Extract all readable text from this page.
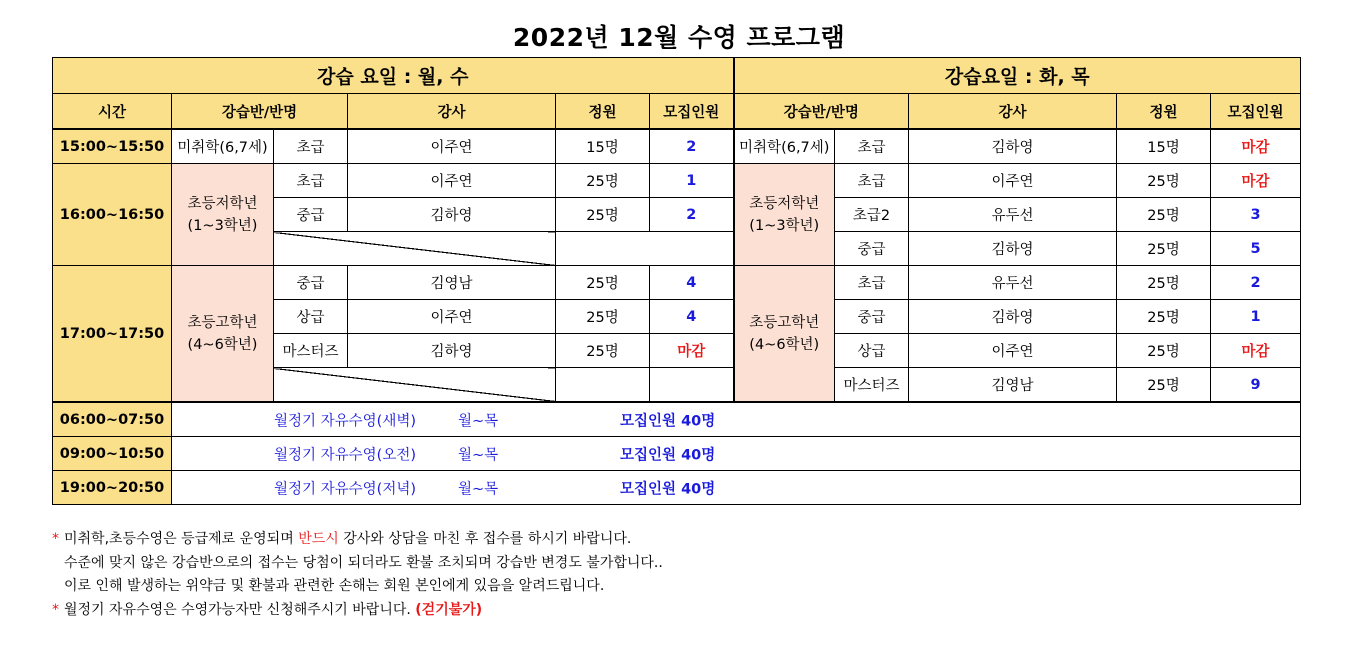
2022년 12월 수영 프로그램
강습 요일 : 월, 수						강습요일 : 화, 목				
시간	강습반/반명		강사	정원	모집인원	강습반/반명		강사	정원	모집인원
15:00~15:50	미취학(6,7세)	초급	이주연	15명	2	미취학(6,7세)	초급	김하영	15명	마감
16:00~16:50	초등저학년 (1~3학년)	초급	이주연	25명	1	초등저학년 (1~3학년)	초급	이주연	25명	마감
		중급	김하영	25명	2		초급2	유두선	25명	3
							중급	김하영	25명	5
17:00~17:50	초등고학년 (4~6학년)	중급	김영남	25명	4	초등고학년 (4~6학년)	초급	유두선	25명	2
		상급	이주연	25명	4		중급	김하영	25명	1
		마스터즈	김하영	25명	마감		상급	이주연	25명	마감
							마스터즈	김영남	25명	9
06:00~07:50	월정기 자유수영(새벽) 월~목 모집인원 40명									

09:00~10:50	월정기 자유수영(오전) 월~목 모집인원 40명									

19:00~20:50	월정기 자유수영(저녁) 월~목 모집인원 40명									
* 미취학,초등수영은 등급제로 운영되며 반드시 강사와 상담을 마친 후 접수를 하시기 바랍니다.
수준에 맞지 않은 강습반으로의 접수는 당첨이 되더라도 환불 조치되며 강습반 변경도 불가합니다..
이로 인해 발생하는 위약금 및 환불과 관련한 손해는 회원 본인에게 있음을 알려드립니다.
* 월정기 자유수영은 수영가능자만 신청해주시기 바랍니다. (걷기불가)
